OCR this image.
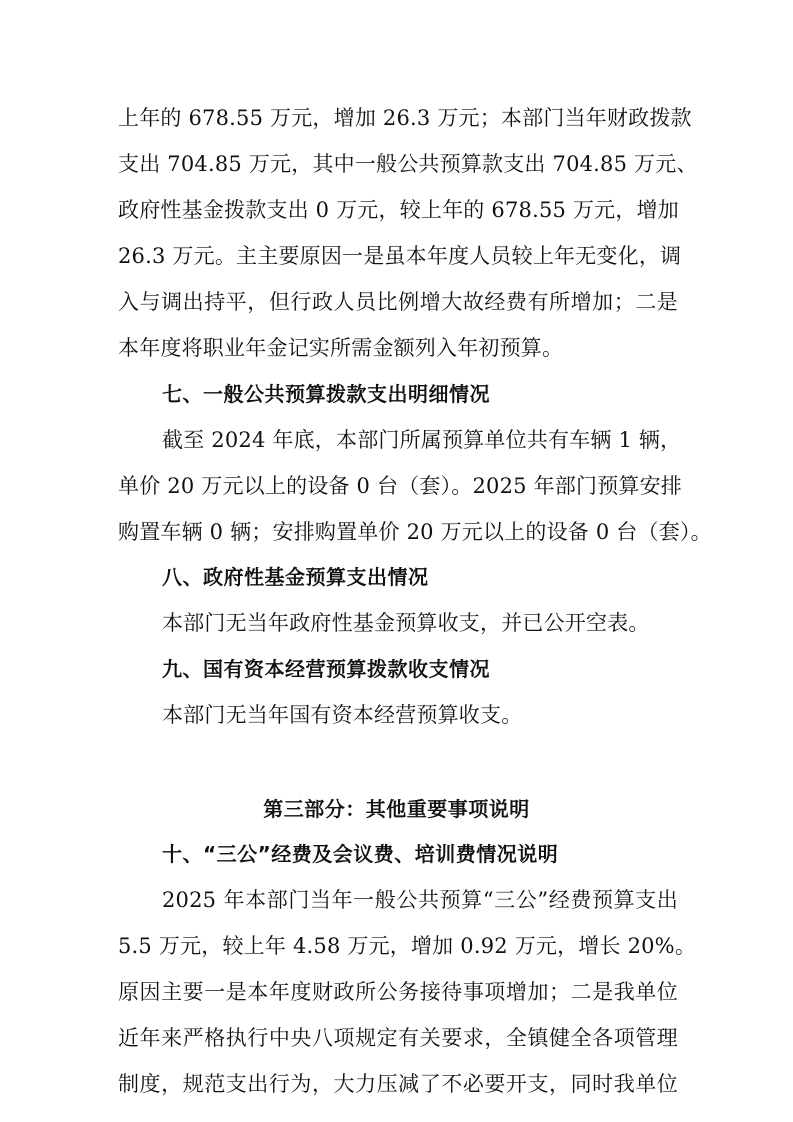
上年的 678.55 万元，增加 26.3 万元；本部门当年财政拨款
支出 704.85 万元，其中一般公共预算款支出 704.85 万元、
政府性基金拨款支出 0 万元，较上年的 678.55 万元，增加
26.3 万元。主主要原因一是虽本年度人员较上年无变化，调
入与调出持平，但行政人员比例增大故经费有所增加；二是
本年度将职业年金记实所需金额列入年初预算。
七、一般公共预算拨款支出明细情况
截至 2024 年底，本部门所属预算单位共有车辆 1 辆，
单价 20 万元以上的设备 0 台（套）。2025 年部门预算安排
购置车辆 0 辆；安排购置单价 20 万元以上的设备 0 台（套）。
八、政府性基金预算支出情况
本部门无当年政府性基金预算收支，并已公开空表。
九、国有资本经营预算拨款收支情况
本部门无当年国有资本经营预算收支。
第三部分：其他重要事项说明
十、“三公”经费及会议费、培训费情况说明
2025 年本部门当年一般公共预算“三公”经费预算支出
5.5 万元，较上年 4.58 万元，增加 0.92 万元，增长 20%。
原因主要一是本年度财政所公务接待事项增加；二是我单位
近年来严格执行中央八项规定有关要求，全镇健全各项管理
制度，规范支出行为，大力压减了不必要开支，同时我单位
